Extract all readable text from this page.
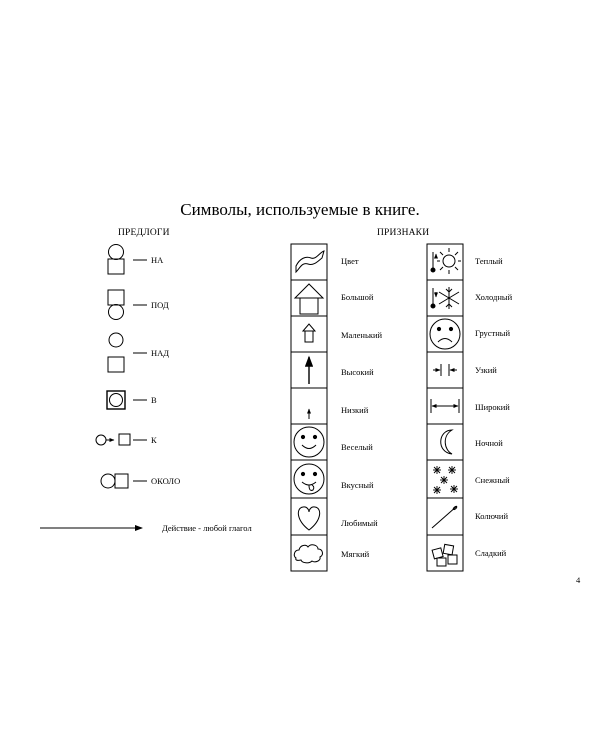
Символы, используемые в книге.
ПРЕДЛОГИ	ПРИЗНАКИ
НА
ПОД
НАД
В
К
ОКОЛО
Действие - любой глагол
Цвет
Большой
Маленький
Высокий
Низкий
Веселый
Вкусный
Любимый
Мягкий
Теплый
Холодный
Грустный
Узкий
Широкий
Ночной
Снежный
Колючий
Сладкий
4
